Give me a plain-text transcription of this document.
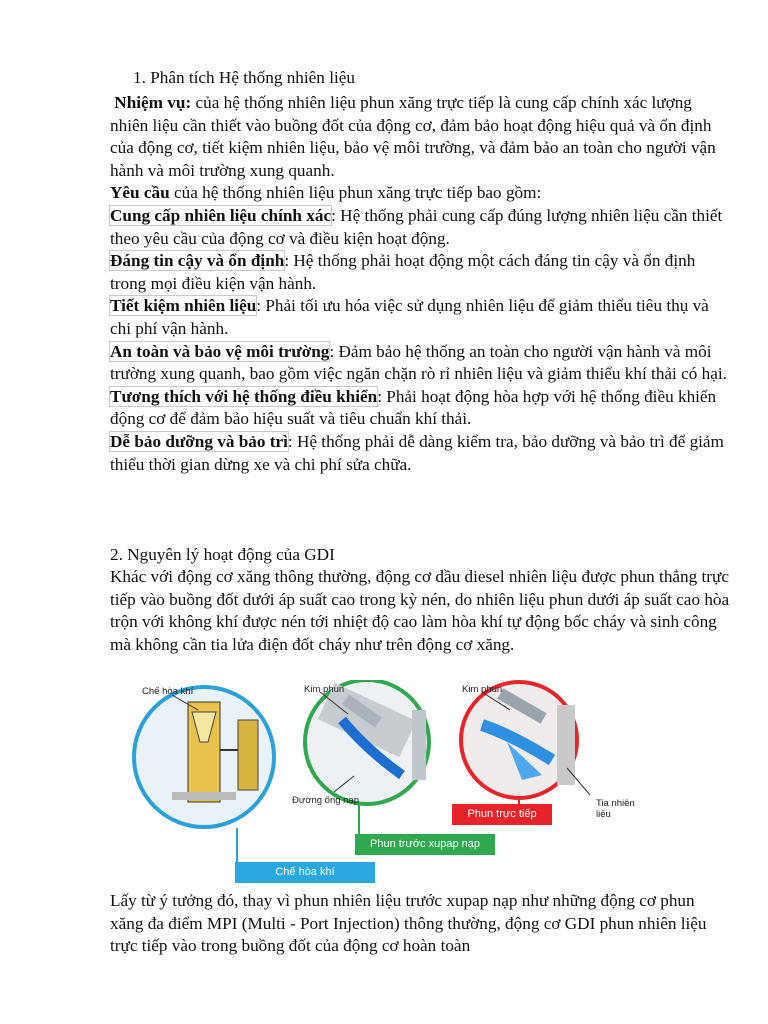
1. Phân tích Hệ thống nhiên liệu

Nhiệm vụ: của hệ thống nhiên liệu phun xăng trực tiếp là cung cấp chính xác lượng nhiên liệu cần thiết vào buồng đốt của động cơ, đảm bảo hoạt động hiệu quả và ổn định của động cơ, tiết kiệm nhiên liệu, bảo vệ môi trường, và đảm bảo an toàn cho người vận hành và môi trường xung quanh.

Yêu cầu của hệ thống nhiên liệu phun xăng trực tiếp bao gồm:

Cung cấp nhiên liệu chính xác: Hệ thống phải cung cấp đúng lượng nhiên liệu cần thiết theo yêu cầu của động cơ và điều kiện hoạt động.

Đáng tin cậy và ổn định: Hệ thống phải hoạt động một cách đáng tin cậy và ổn định trong mọi điều kiện vận hành.

Tiết kiệm nhiên liệu: Phải tối ưu hóa việc sử dụng nhiên liệu để giảm thiểu tiêu thụ và chi phí vận hành.

An toàn và bảo vệ môi trường: Đảm bảo hệ thống an toàn cho người vận hành và môi trường xung quanh, bao gồm việc ngăn chặn rò rỉ nhiên liệu và giảm thiểu khí thải có hại.

Tương thích với hệ thống điều khiển: Phải hoạt động hòa hợp với hệ thống điều khiển động cơ để đảm bảo hiệu suất và tiêu chuẩn khí thải.

Dễ bảo dưỡng và bảo trì: Hệ thống phải dễ dàng kiểm tra, bảo dưỡng và bảo trì để giảm thiểu thời gian dừng xe và chi phí sửa chữa.

2. Nguyên lý hoạt động của GDI
Khác với động cơ xăng thông thường, động cơ dầu diesel nhiên liệu được phun thẳng trực tiếp vào buồng đốt dưới áp suất cao trong kỳ nén, do nhiên liệu phun dưới áp suất cao hòa trộn với không khí được nén tới nhiệt độ cao làm hòa khí tự động bốc cháy và sinh công mà không cần tia lửa điện đốt cháy như trên động cơ xăng.
Chế hòa khí	Kim phun	Kim phun
Đường ống nạp	Tia nhiên liệu
Phun trực tiếp
Phun trước xupap nạp
Chế hòa khí
Lấy từ ý tưởng đó, thay vì phun nhiên liệu trước xupap nạp như những động cơ phun xăng đa điểm MPI (Multi - Port Injection) thông thường, động cơ GDI phun nhiên liệu trực tiếp vào trong buồng đốt của động cơ hoàn toàn
